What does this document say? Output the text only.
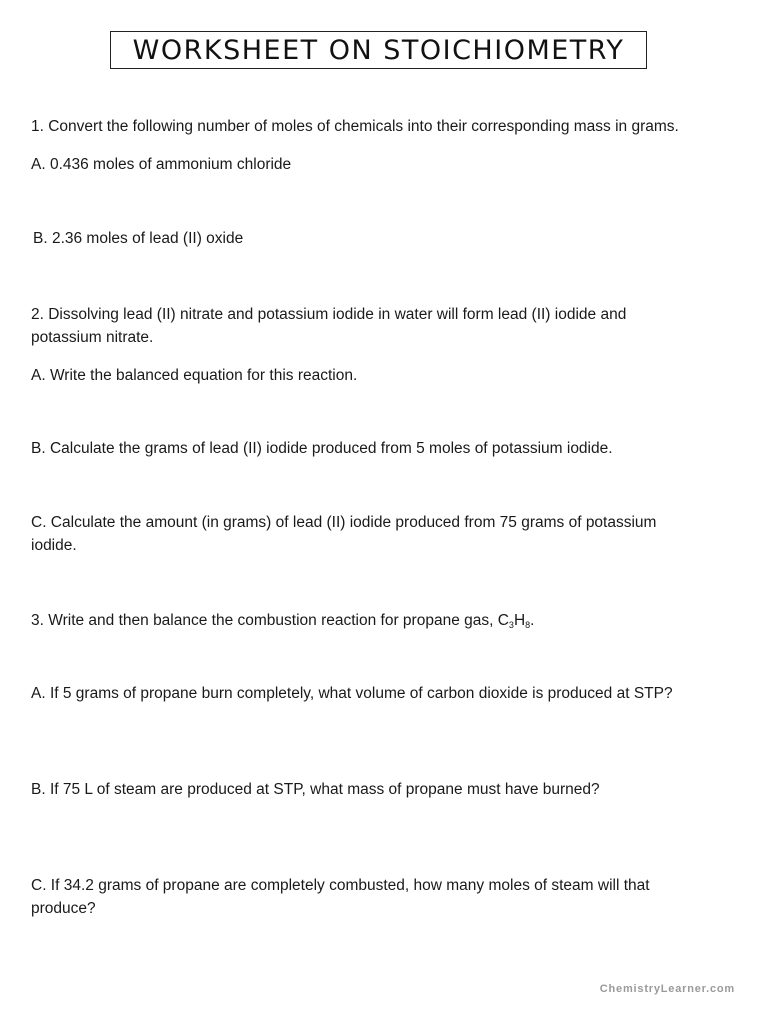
WORKSHEET ON STOICHIOMETRY
1. Convert the following number of moles of chemicals into their corresponding mass in grams.
A. 0.436 moles of ammonium chloride
B. 2.36 moles of lead (II) oxide
2. Dissolving lead (II) nitrate and potassium iodide in water will form lead (II) iodide and
potassium nitrate.
A. Write the balanced equation for this reaction.
B. Calculate the grams of lead (II) iodide produced from 5 moles of potassium iodide.
C. Calculate the amount (in grams) of lead (II) iodide produced from 75 grams of potassium
iodide.
3. Write and then balance the combustion reaction for propane gas, $C_3H_8$.
A. If 5 grams of propane burn completely, what volume of carbon dioxide is produced at STP?
B. If 75 L of steam are produced at STP, what mass of propane must have burned?
C. If 34.2 grams of propane are completely combusted, how many moles of steam will that
produce?
ChemistryLearner.com
